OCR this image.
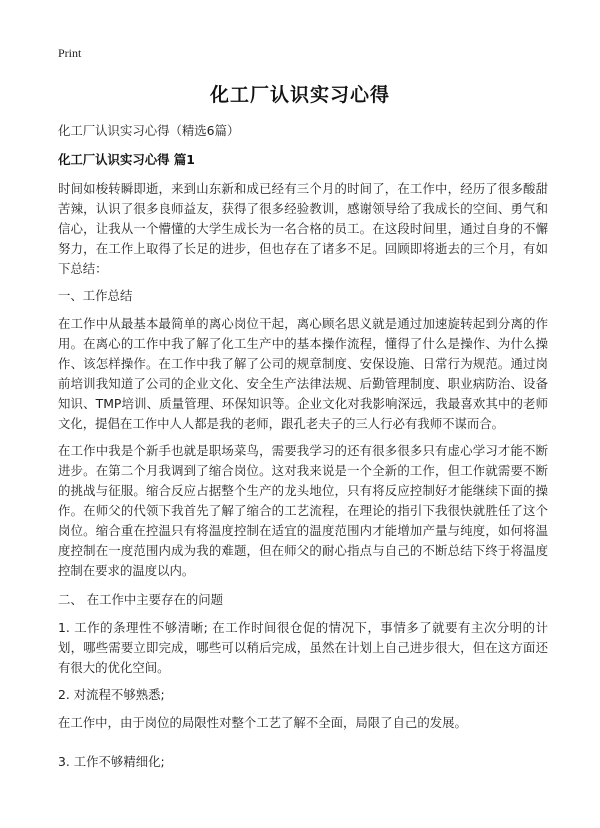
Print
化工厂认识实习心得
化工厂认识实习心得（精选6篇）
化工厂认识实习心得 篇1
时间如梭转瞬即逝，来到山东新和成已经有三个月的时间了，在工作中，经历了很多酸甜苦辣，认识了很多良师益友，获得了很多经验教训，感谢领导给了我成长的空间、勇气和信心，让我从一个懵懂的大学生成长为一名合格的员工。在这段时间里，通过自身的不懈努力，在工作上取得了长足的进步，但也存在了诸多不足。回顾即将逝去的三个月，有如下总结：
一、工作总结
在工作中从最基本最简单的离心岗位干起，离心顾名思义就是通过加速旋转起到分离的作用。在离心的工作中我了解了化工生产中的基本操作流程，懂得了什么是操作、为什么操作、该怎样操作。在工作中我了解了公司的规章制度、安保设施、日常行为规范。通过岗前培训我知道了公司的企业文化、安全生产法律法规、后勤管理制度、职业病防治、设备知识、TMP培训、质量管理、环保知识等。企业文化对我影响深远，我最喜欢其中的老师文化，提倡在工作中人人都是我的老师，跟孔老夫子的三人行必有我师不谋而合。
在工作中我是个新手也就是职场菜鸟，需要我学习的还有很多很多只有虚心学习才能不断进步。在第二个月我调到了缩合岗位。这对我来说是一个全新的工作，但工作就需要不断的挑战与征服。缩合反应占据整个生产的龙头地位，只有将反应控制好才能继续下面的操作。在师父的代领下我首先了解了缩合的工艺流程，在理论的指引下我很快就胜任了这个岗位。缩合重在控温只有将温度控制在适宜的温度范围内才能增加产量与纯度，如何将温度控制在一度范围内成为我的难题，但在师父的耐心指点与自己的不断总结下终于将温度控制在要求的温度以内。
二、 在工作中主要存在的问题
1. 工作的条理性不够清晰; 在工作时间很仓促的情况下，事情多了就要有主次分明的计划，哪些需要立即完成，哪些可以稍后完成，虽然在计划上自己进步很大，但在这方面还有很大的优化空间。
2. 对流程不够熟悉;
在工作中，由于岗位的局限性对整个工艺了解不全面，局限了自己的发展。
3. 工作不够精细化;
